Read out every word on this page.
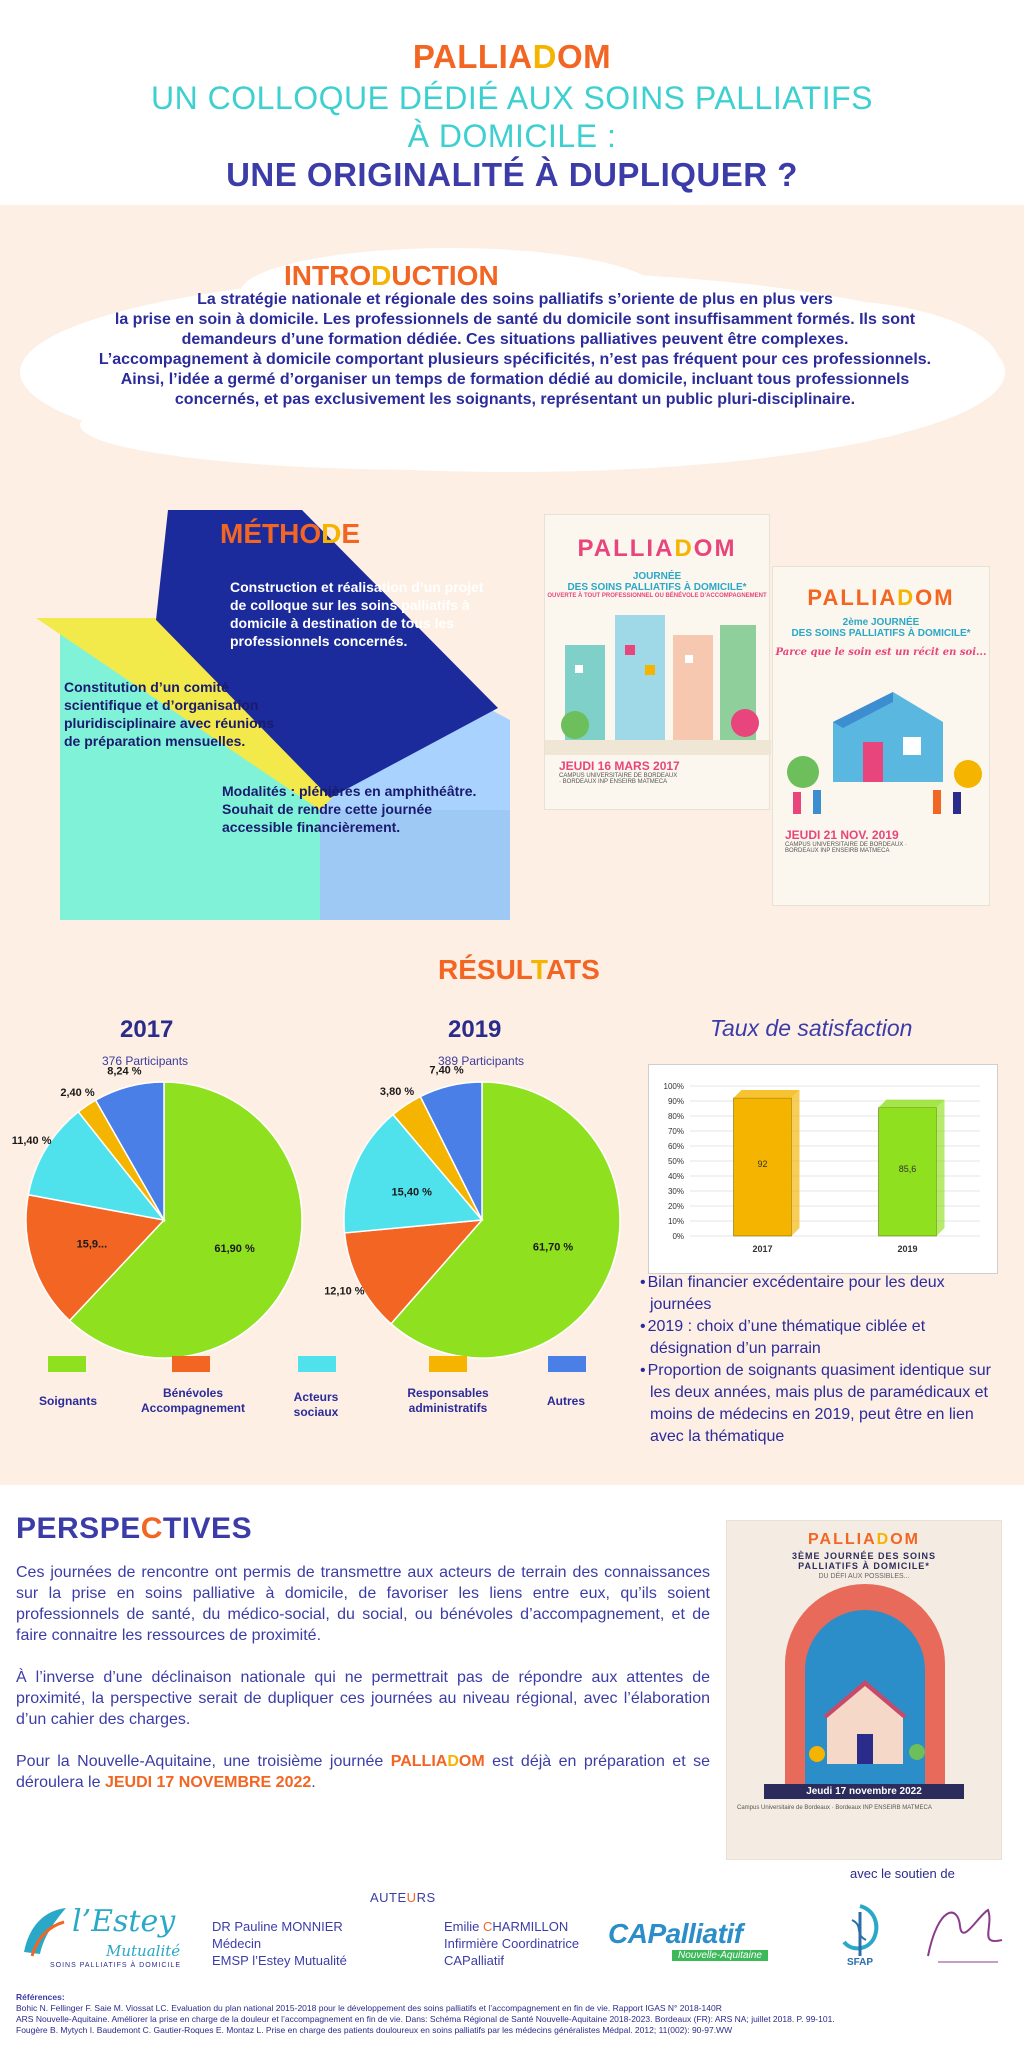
PALLIADOM
UN COLLOQUE DÉDIÉ AUX SOINS PALLIATIFS
À DOMICILE :
UNE ORIGINALITÉ À DUPLIQUER ?
INTRODUCTION
La stratégie nationale et régionale des soins palliatifs s’oriente de plus en plus vers
la prise en soin à domicile. Les professionnels de santé du domicile sont insuffisamment formés. Ils sont
demandeurs d’une formation dédiée. Ces situations palliatives peuvent être complexes.
L’accompagnement à domicile comportant plusieurs spécificités, n’est pas fréquent pour ces professionnels.
Ainsi, l’idée a germé d’organiser un temps de formation dédié au domicile, incluant tous professionnels
concernés, et pas exclusivement les soignants, représentant un public pluri-disciplinaire.
MÉTHODE
Construction et réalisation d’un projet de colloque sur les soins palliatifs à domicile à destination de tous les professionnels concernés.
Constitution d’un comité scientifique et d’organisation pluridisciplinaire avec réunions de préparation mensuelles.
Modalités : plénières en amphithéâtre. Souhait de rendre cette journée accessible financièrement.
PALLIADOM
JOURNÉE
DES SOINS PALLIATIFS À DOMICILE*
OUVERTE À TOUT PROFESSIONNEL OU BÉNÉVOLE D’ACCOMPAGNEMENT
JEUDI 16 MARS 2017
CAMPUS UNIVERSITAIRE DE BORDEAUX · BORDEAUX INP ENSEIRB MATMECA
PALLIADOM
2ème JOURNÉE
DES SOINS PALLIATIFS À DOMICILE*
Parce que le soin est un récit en soi...
JEUDI 21 NOV. 2019
CAMPUS UNIVERSITAIRE DE BORDEAUX · BORDEAUX INP ENSEIRB MATMECA
RÉSULTATS
2017
376 Participants
2019
389 Participants
Taux de satisfaction
61,90 %
15,9...
11,40 %
2,40 %
8,24 %
61,70 %
12,10 %
15,40 %
3,80 %
7,40 %
0%
10%
20%
30%
40%
50%
60%
70%
80%
90%
100%
92
2017
85,6
2019
Soignants
Bénévoles Accompagnement
Acteurs sociaux
Responsables administratifs	Autres
• Bilan financier excédentaire pour les deux journées
• 2019 : choix d’une thématique ciblée et désignation d’un parrain
• Proportion de soignants quasiment identique sur les deux années, mais plus de paramédicaux et moins de médecins en 2019, peut être en lien avec la thématique
PERSPECTIVES

Ces journées de rencontre ont permis de transmettre aux acteurs de terrain des connaissances sur la prise en soins palliative à domicile, de favoriser les liens entre eux, qu’ils soient professionnels de santé, du médico-social, du social, ou bénévoles d’accompagnement, et de faire connaitre les ressources de proximité.

À l’inverse d’une déclinaison nationale qui ne permettrait pas de répondre aux attentes de proximité, la perspective serait de dupliquer ces journées au niveau régional, avec l’élaboration d’un cahier des charges.

Pour la Nouvelle-Aquitaine, une troisième journée PALLIADOM est déjà en préparation et se déroulera le JEUDI 17 NOVEMBRE 2022.

PALLIADOM
3ÈME JOURNÉE DES SOINS
PALLIATIFS À DOMICILE*
DU DÉFI AUX POSSIBLES...
Jeudi 17 novembre 2022
Campus Universitaire de Bordeaux · Bordeaux INP ENSEIRB MATMECA
AUTEURS
DR Pauline MONNIER
Médecin
EMSP l’Estey Mutualité
Emilie CHARMILLON
Infirmière Coordinatrice
CAPalliatif
l’Estey
Mutualité
SOINS PALLIATIFS À DOMICILE
CAPalliatif
Nouvelle-Aquitaine
avec le soutien de
SFAP
Références:
Bohic N. Fellinger F. Saie M. Viossat LC. Evaluation du plan national 2015-2018 pour le développement des soins palliatifs et l’accompagnement en fin de vie. Rapport IGAS N° 2018-140R
ARS Nouvelle-Aquitaine. Améliorer la prise en charge de la douleur et l’accompagnement en fin de vie. Dans: Schéma Régional de Santé Nouvelle-Aquitaine 2018-2023. Bordeaux (FR): ARS NA; juillet 2018. P. 99-101.
Fougère B. Mytych I. Baudemont C. Gautier-Roques E. Montaz L. Prise en charge des patients douloureux en soins palliatifs par les médecins généralistes Médpal. 2012; 11(002): 90-97.WW
